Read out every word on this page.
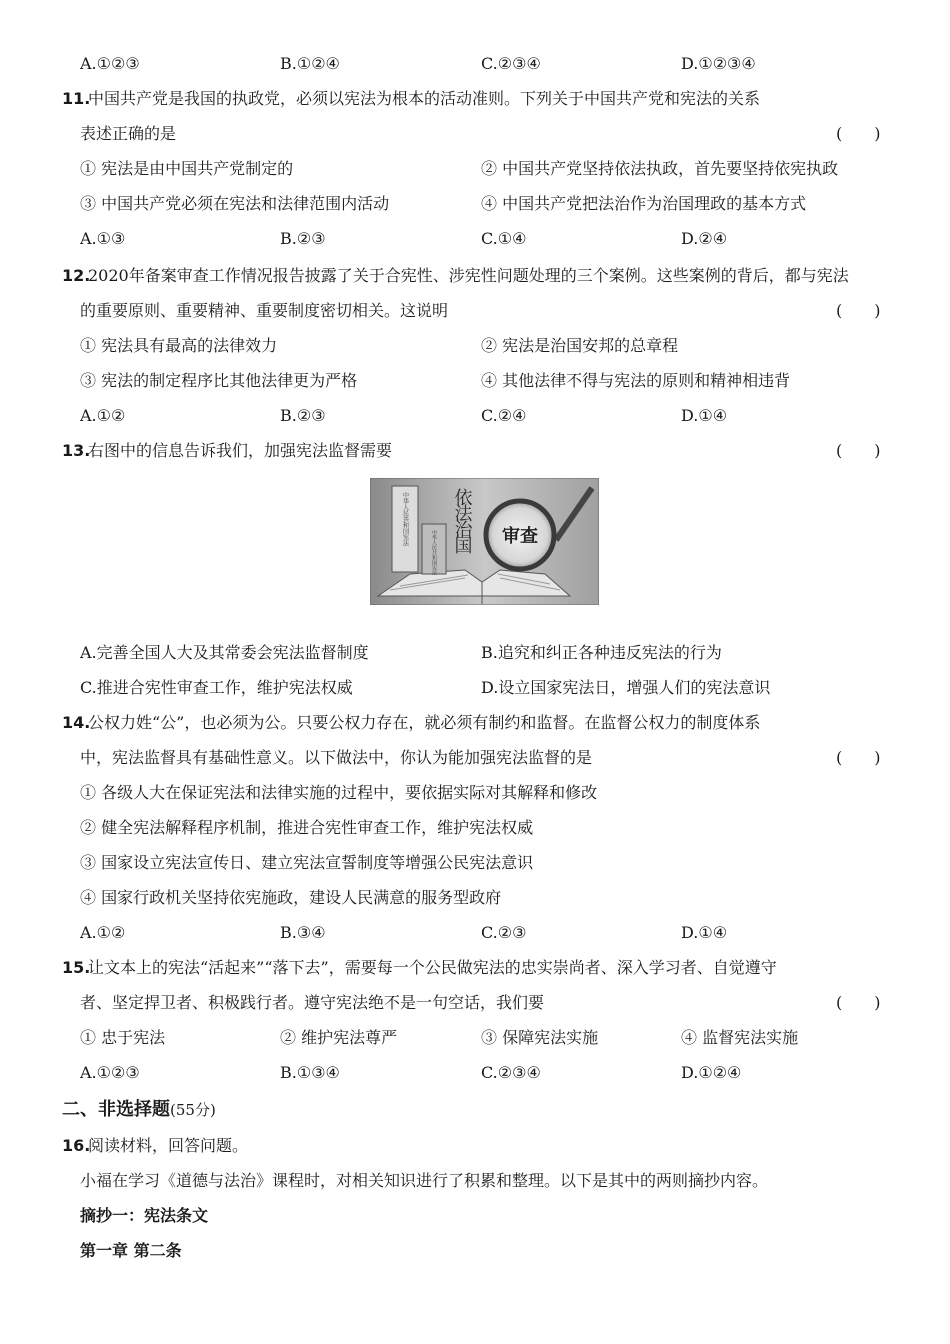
A.①②③	B.①②④	C.②③④	D.①②③④
11.
中国共产党是我国的执政党，必须以宪法为根本的活动准则。下列关于中国共产党和宪法的关系
表述正确的是	(　　)
① 宪法是由中国共产党制定的	② 中国共产党坚持依法执政，首先要坚持依宪执政
③ 中国共产党必须在宪法和法律范围内活动	④ 中国共产党把法治作为治国理政的基本方式
A.①③	B.②③	C.①④	D.②④
12.
2020年备案审查工作情况报告披露了关于合宪性、涉宪性问题处理的三个案例。这些案例的背后，都与宪法
的重要原则、重要精神、重要制度密切相关。这说明	(　　)
① 宪法具有最高的法律效力	② 宪法是治国安邦的总章程
③ 宪法的制定程序比其他法律更为严格	④ 其他法律不得与宪法的原则和精神相违背
A.①②	B.②③	C.②④	D.①④
13.
右图中的信息告诉我们，加强宪法监督需要	(　　)
中华人民共和国宪法
中华人民共和国宪法
依法治国 审查
A.完善全国人大及其常委会宪法监督制度	B.追究和纠正各种违反宪法的行为
C.推进合宪性审查工作，维护宪法权威	D.设立国家宪法日，增强人们的宪法意识
14.
公权力姓“公”，也必须为公。只要公权力存在，就必须有制约和监督。在监督公权力的制度体系
中，宪法监督具有基础性意义。以下做法中，你认为能加强宪法监督的是	(　　)
① 各级人大在保证宪法和法律实施的过程中，要依据实际对其解释和修改
② 健全宪法解释程序机制，推进合宪性审查工作，维护宪法权威
③ 国家设立宪法宣传日、建立宪法宣誓制度等增强公民宪法意识
④ 国家行政机关坚持依宪施政，建设人民满意的服务型政府
A.①②	B.③④	C.②③	D.①④
15.
让文本上的宪法“活起来”“落下去”，需要每一个公民做宪法的忠实崇尚者、深入学习者、自觉遵守
者、坚定捍卫者、积极践行者。遵守宪法绝不是一句空话，我们要	(　　)
① 忠于宪法	② 维护宪法尊严	③ 保障宪法实施	④ 监督宪法实施
A.①②③	B.①③④	C.②③④	D.①②④
二、非选择题(55分)
16.
阅读材料，回答问题。
小福在学习《道德与法治》课程时，对相关知识进行了积累和整理。以下是其中的两则摘抄内容。
摘抄一：宪法条文
第一章 第二条
